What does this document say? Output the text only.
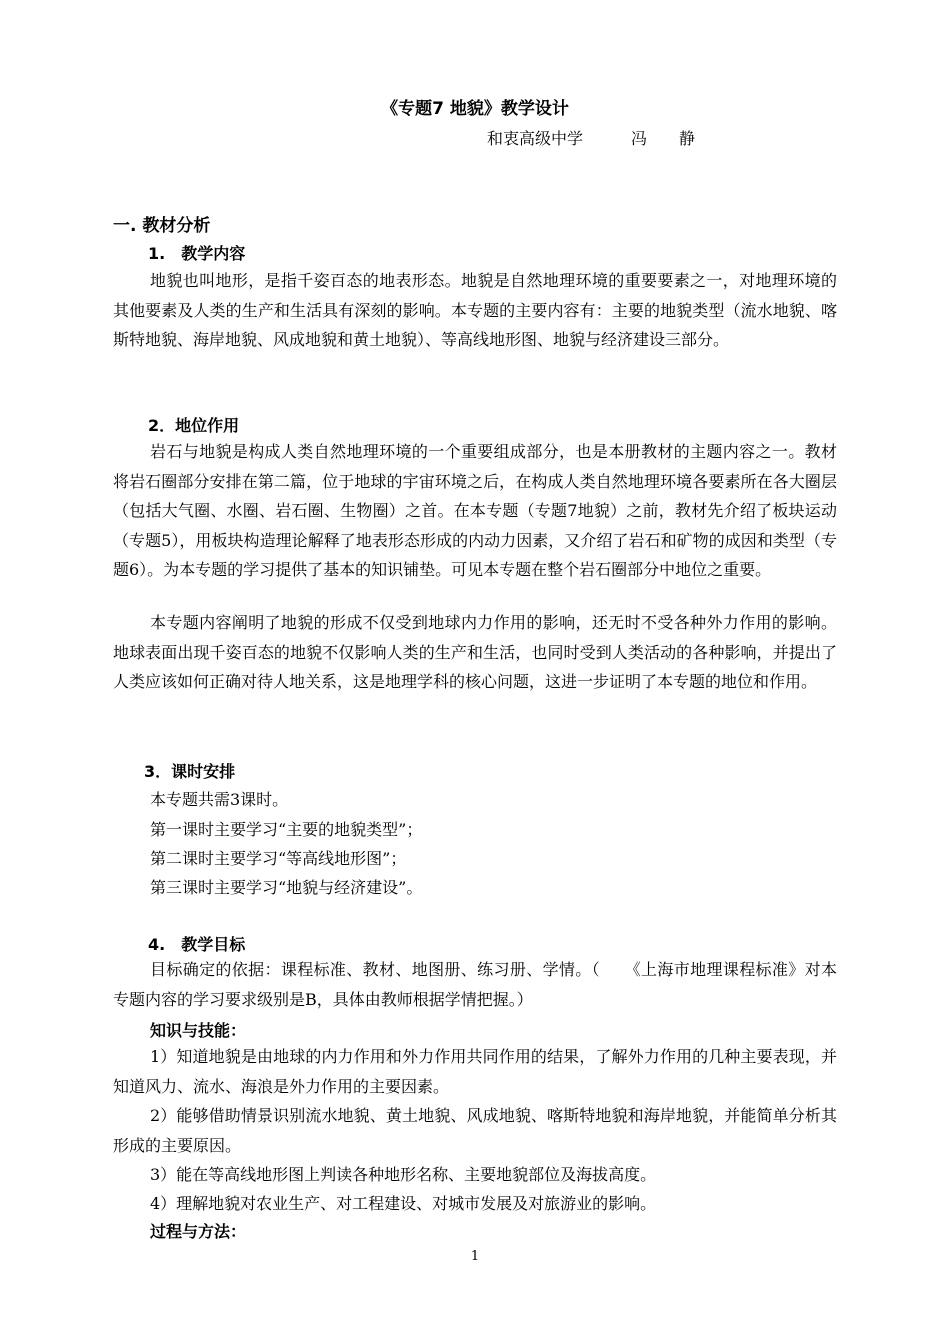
《专题7 地貌》教学设计
和衷高级中学	冯　　静
一. 教材分析
1.　教学内容

地貌也叫地形，是指千姿百态的地表形态。地貌是自然地理环境的重要要素之一，对地理环境的其他要素及人类的生产和生活具有深刻的影响。本专题的主要内容有：主要的地貌类型（流水地貌、喀斯特地貌、海岸地貌、风成地貌和黄土地貌）、等高线地形图、地貌与经济建设三部分。

2．地位作用

岩石与地貌是构成人类自然地理环境的一个重要组成部分，也是本册教材的主题内容之一。教材将岩石圈部分安排在第二篇，位于地球的宇宙环境之后，在构成人类自然地理环境各要素所在各大圈层（包括大气圈、水圈、岩石圈、生物圈）之首。在本专题（专题7地貌）之前，教材先介绍了板块运动（专题5），用板块构造理论解释了地表形态形成的内动力因素，又介绍了岩石和矿物的成因和类型（专题6）。为本专题的学习提供了基本的知识铺垫。可见本专题在整个岩石圈部分中地位之重要。

本专题内容阐明了地貌的形成不仅受到地球内力作用的影响，还无时不受各种外力作用的影响。地球表面出现千姿百态的地貌不仅影响人类的生产和生活，也同时受到人类活动的各种影响，并提出了人类应该如何正确对待人地关系，这是地理学科的核心问题，这进一步证明了本专题的地位和作用。

3．课时安排
本专题共需3课时。
第一课时主要学习“主要的地貌类型”；
第二课时主要学习“等高线地形图”；
第三课时主要学习“地貌与经济建设”。
4.　教学目标

目标确定的依据：课程标准、教材、地图册、练习册、学情。（　　《上海市地理课程标准》对本专题内容的学习要求级别是B，具体由教师根据学情把握。）

知识与技能：

1）知道地貌是由地球的内力作用和外力作用共同作用的结果，了解外力作用的几种主要表现，并知道风力、流水、海浪是外力作用的主要因素。

2）能够借助情景识别流水地貌、黄土地貌、风成地貌、喀斯特地貌和海岸地貌，并能简单分析其形成的主要原因。

3）能在等高线地形图上判读各种地形名称、主要地貌部位及海拔高度。

4）理解地貌对农业生产、对工程建设、对城市发展及对旅游业的影响。

过程与方法：
1
